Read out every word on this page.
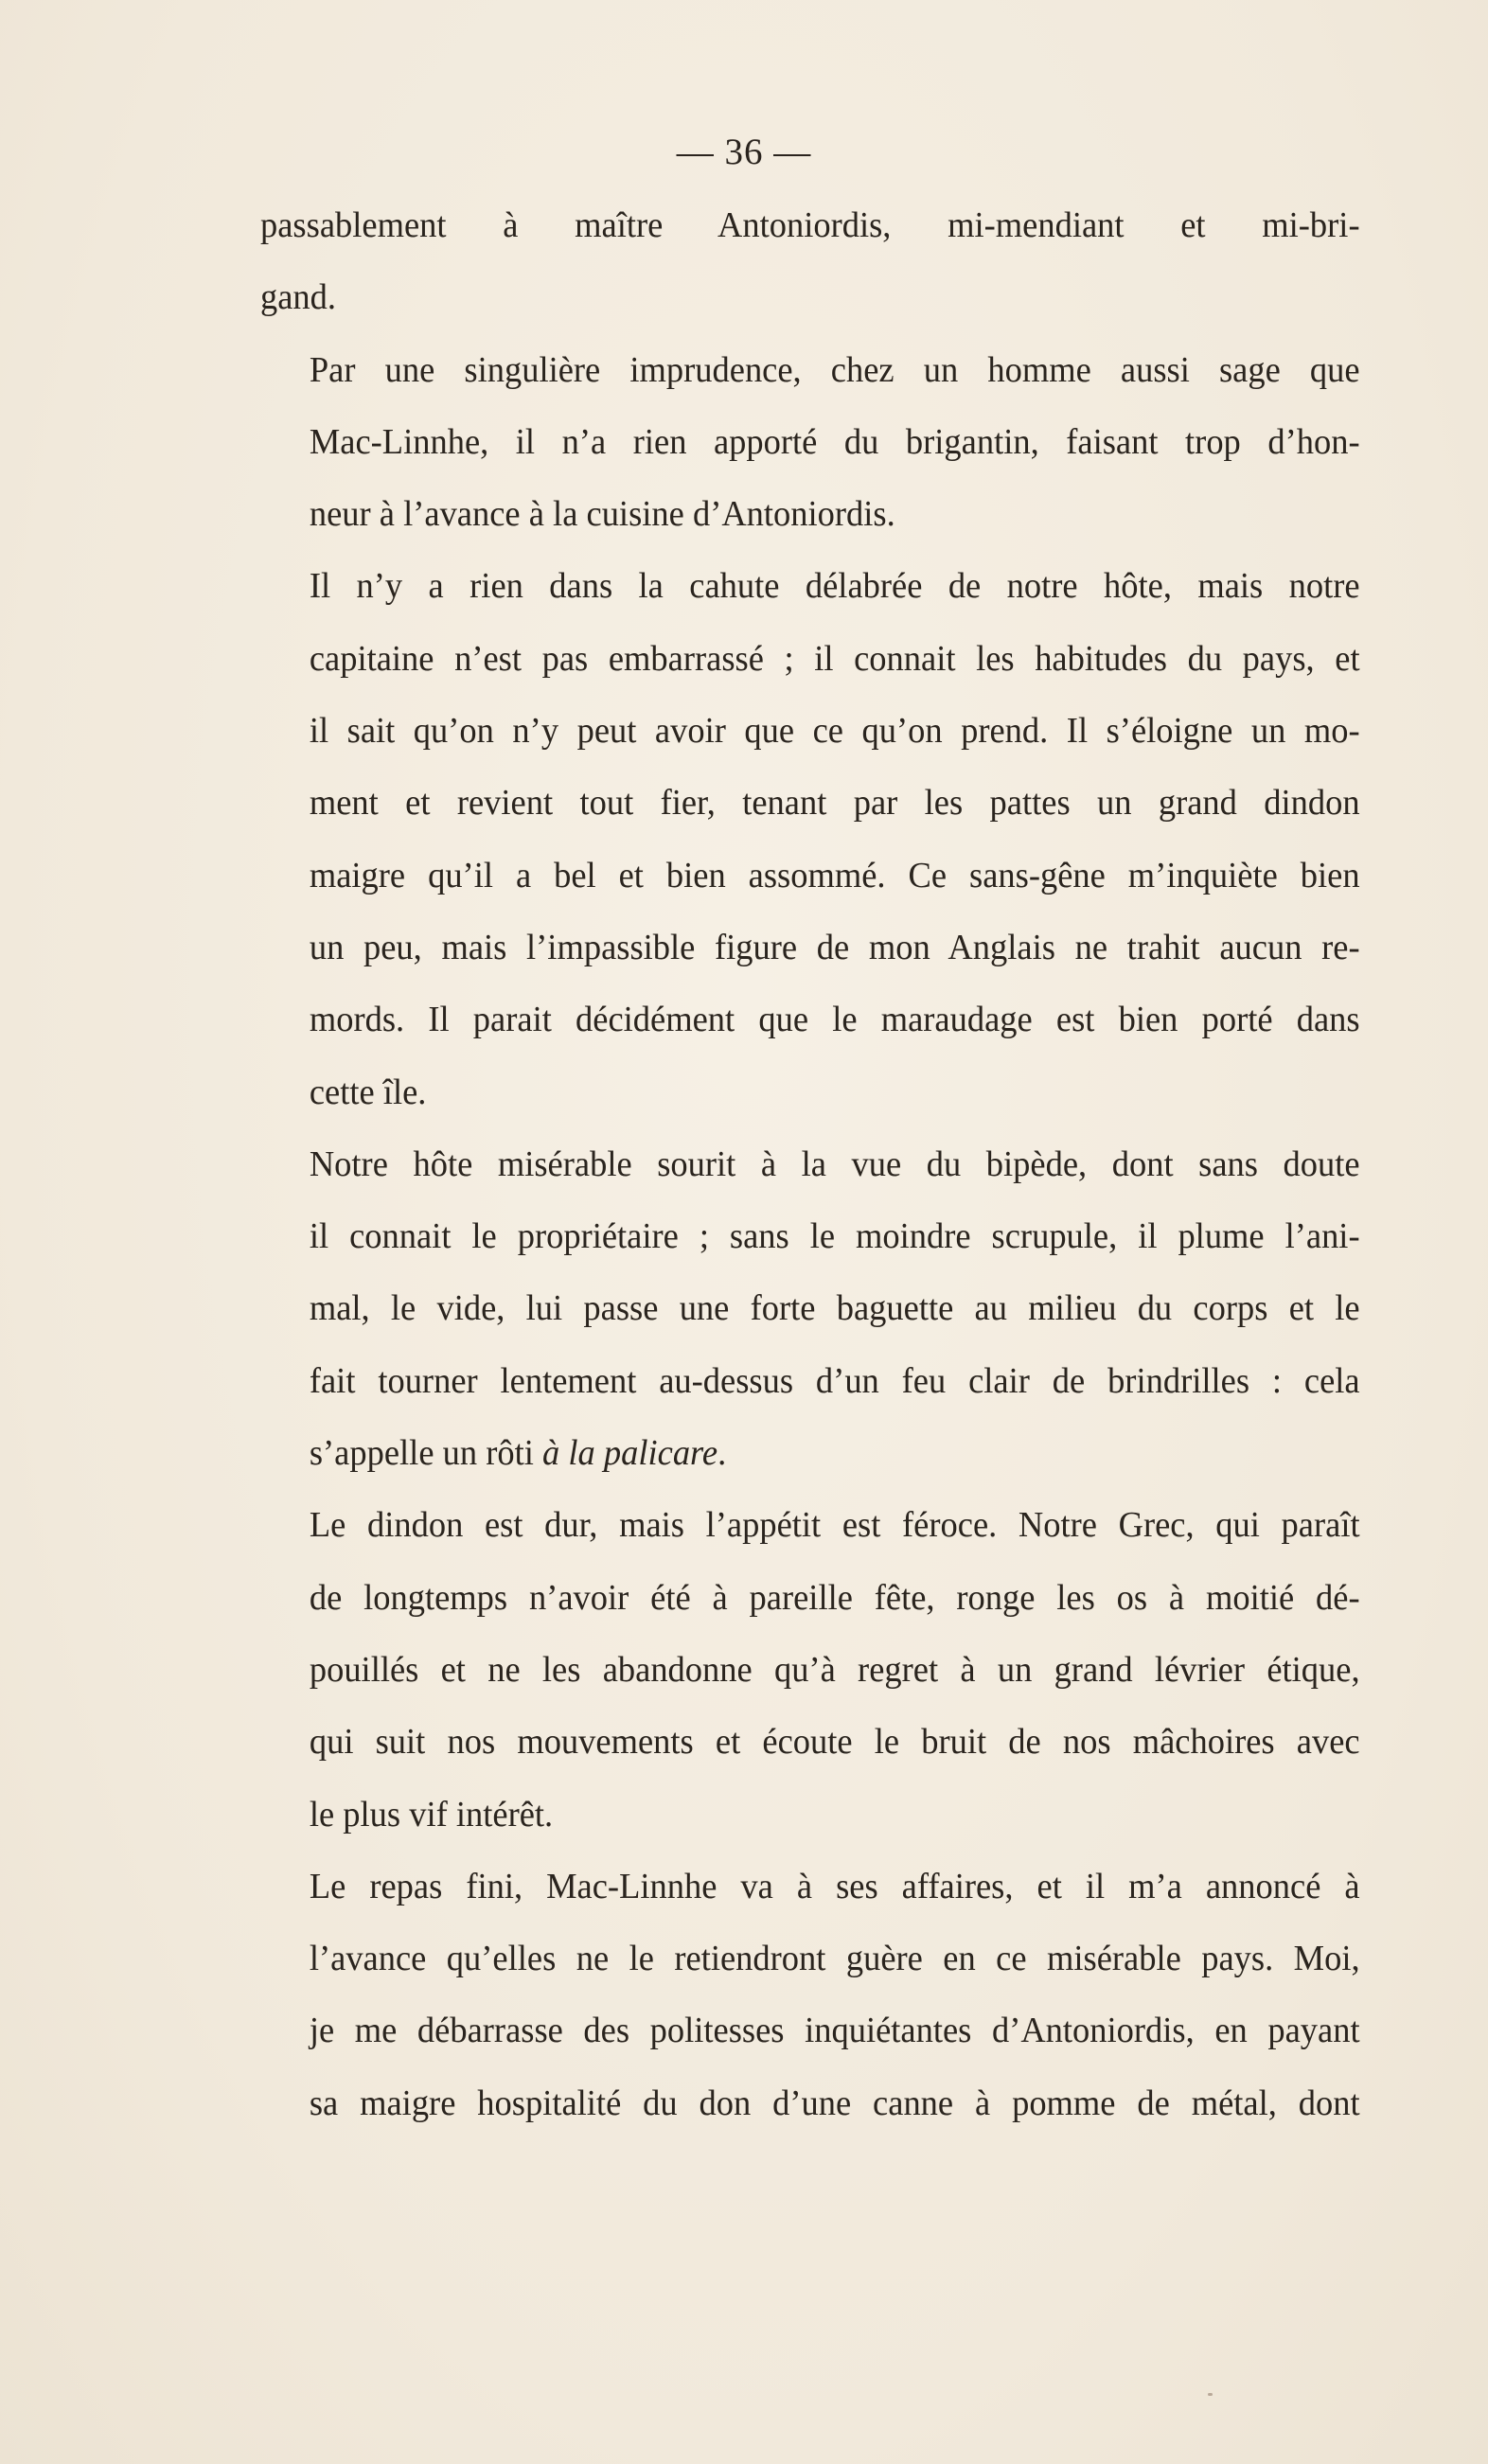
— 36 —

passablement à maître Antoniordis, mi-mendiant et mi-bri-
gand.

Par une singulière imprudence, chez un homme aussi sage que
Mac-Linnhe, il n’a rien apporté du brigantin, faisant trop d’hon-
neur à l’avance à la cuisine d’Antoniordis.

Il n’y a rien dans la cahute délabrée de notre hôte, mais notre
capitaine n’est pas embarrassé ; il connait les habitudes du pays, et
il sait qu’on n’y peut avoir que ce qu’on prend. Il s’éloigne un mo-
ment et revient tout fier, tenant par les pattes un grand dindon
maigre qu’il a bel et bien assommé. Ce sans-gêne m’inquiète bien
un peu, mais l’impassible figure de mon Anglais ne trahit aucun re-
mords. Il parait décidément que le maraudage est bien porté dans
cette île.

Notre hôte misérable sourit à la vue du bipède, dont sans doute
il connait le propriétaire ; sans le moindre scrupule, il plume l’ani-
mal, le vide, lui passe une forte baguette au milieu du corps et le
fait tourner lentement au-dessus d’un feu clair de brindrilles : cela
s’appelle un rôti à la palicare.

Le dindon est dur, mais l’appétit est féroce. Notre Grec, qui paraît
de longtemps n’avoir été à pareille fête, ronge les os à moitié dé-
pouillés et ne les abandonne qu’à regret à un grand lévrier étique,
qui suit nos mouvements et écoute le bruit de nos mâchoires avec
le plus vif intérêt.

Le repas fini, Mac-Linnhe va à ses affaires, et il m’a annoncé à
l’avance qu’elles ne le retiendront guère en ce misérable pays. Moi,
je me débarrasse des politesses inquiétantes d’Antoniordis, en payant
sa maigre hospitalité du don d’une canne à pomme de métal, dont
